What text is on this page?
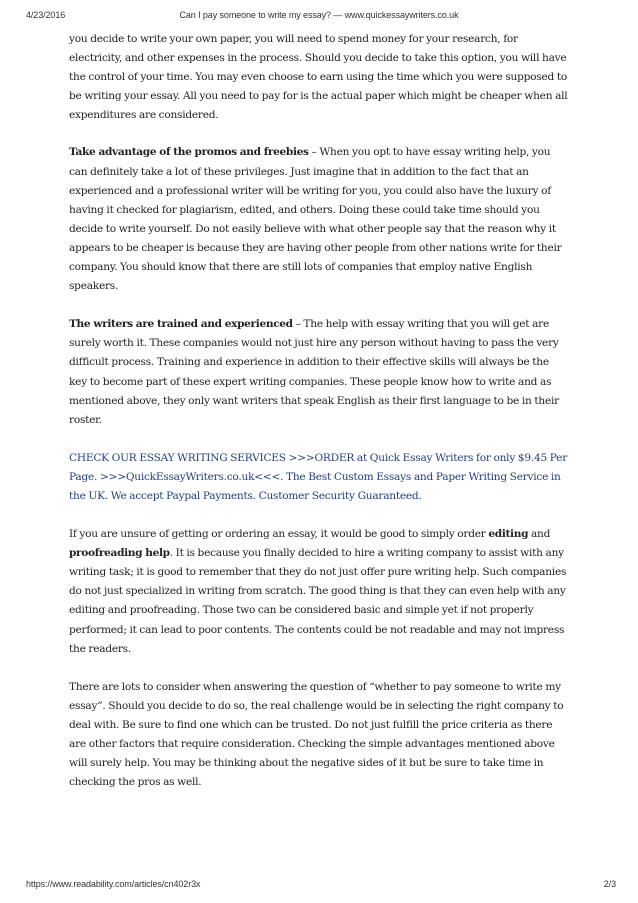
4/23/2016	Can I pay someone to write my essay? — www.quickessaywriters.co.uk

you decide to write your own paper, you will need to spend money for your research, for electricity, and other expenses in the process. Should you decide to take this option, you will have the control of your time. You may even choose to earn using the time which you were supposed to be writing your essay. All you need to pay for is the actual paper which might be cheaper when all expenditures are considered.

Take advantage of the promos and freebies – When you opt to have essay writing help, you can definitely take a lot of these privileges. Just imagine that in addition to the fact that an experienced and a professional writer will be writing for you, you could also have the luxury of having it checked for plagiarism, edited, and others. Doing these could take time should you decide to write yourself. Do not easily believe with what other people say that the reason why it appears to be cheaper is because they are having other people from other nations write for their company. You should know that there are still lots of companies that employ native English speakers.

The writers are trained and experienced – The help with essay writing that you will get are surely worth it. These companies would not just hire any person without having to pass the very difficult process. Training and experience in addition to their effective skills will always be the key to become part of these expert writing companies. These people know how to write and as mentioned above, they only want writers that speak English as their first language to be in their roster.

CHECK OUR ESSAY WRITING SERVICES >>>ORDER at Quick Essay Writers for only $9.45 Per Page. >>>QuickEssayWriters.co.uk<<<. The Best Custom Essays and Paper Writing Service in the UK. We accept Paypal Payments. Customer Security Guaranteed.

If you are unsure of getting or ordering an essay, it would be good to simply order editing and proofreading help. It is because you finally decided to hire a writing company to assist with any writing task; it is good to remember that they do not just offer pure writing help. Such companies do not just specialized in writing from scratch. The good thing is that they can even help with any editing and proofreading. Those two can be considered basic and simple yet if not properly performed; it can lead to poor contents. The contents could be not readable and may not impress the readers.

There are lots to consider when answering the question of “whether to pay someone to write my essay”. Should you decide to do so, the real challenge would be in selecting the right company to deal with. Be sure to find one which can be trusted. Do not just fulfill the price criteria as there are other factors that require consideration. Checking the simple advantages mentioned above will surely help. You may be thinking about the negative sides of it but be sure to take time in checking the pros as well.

https://www.readability.com/articles/cn402r3x	2/3
